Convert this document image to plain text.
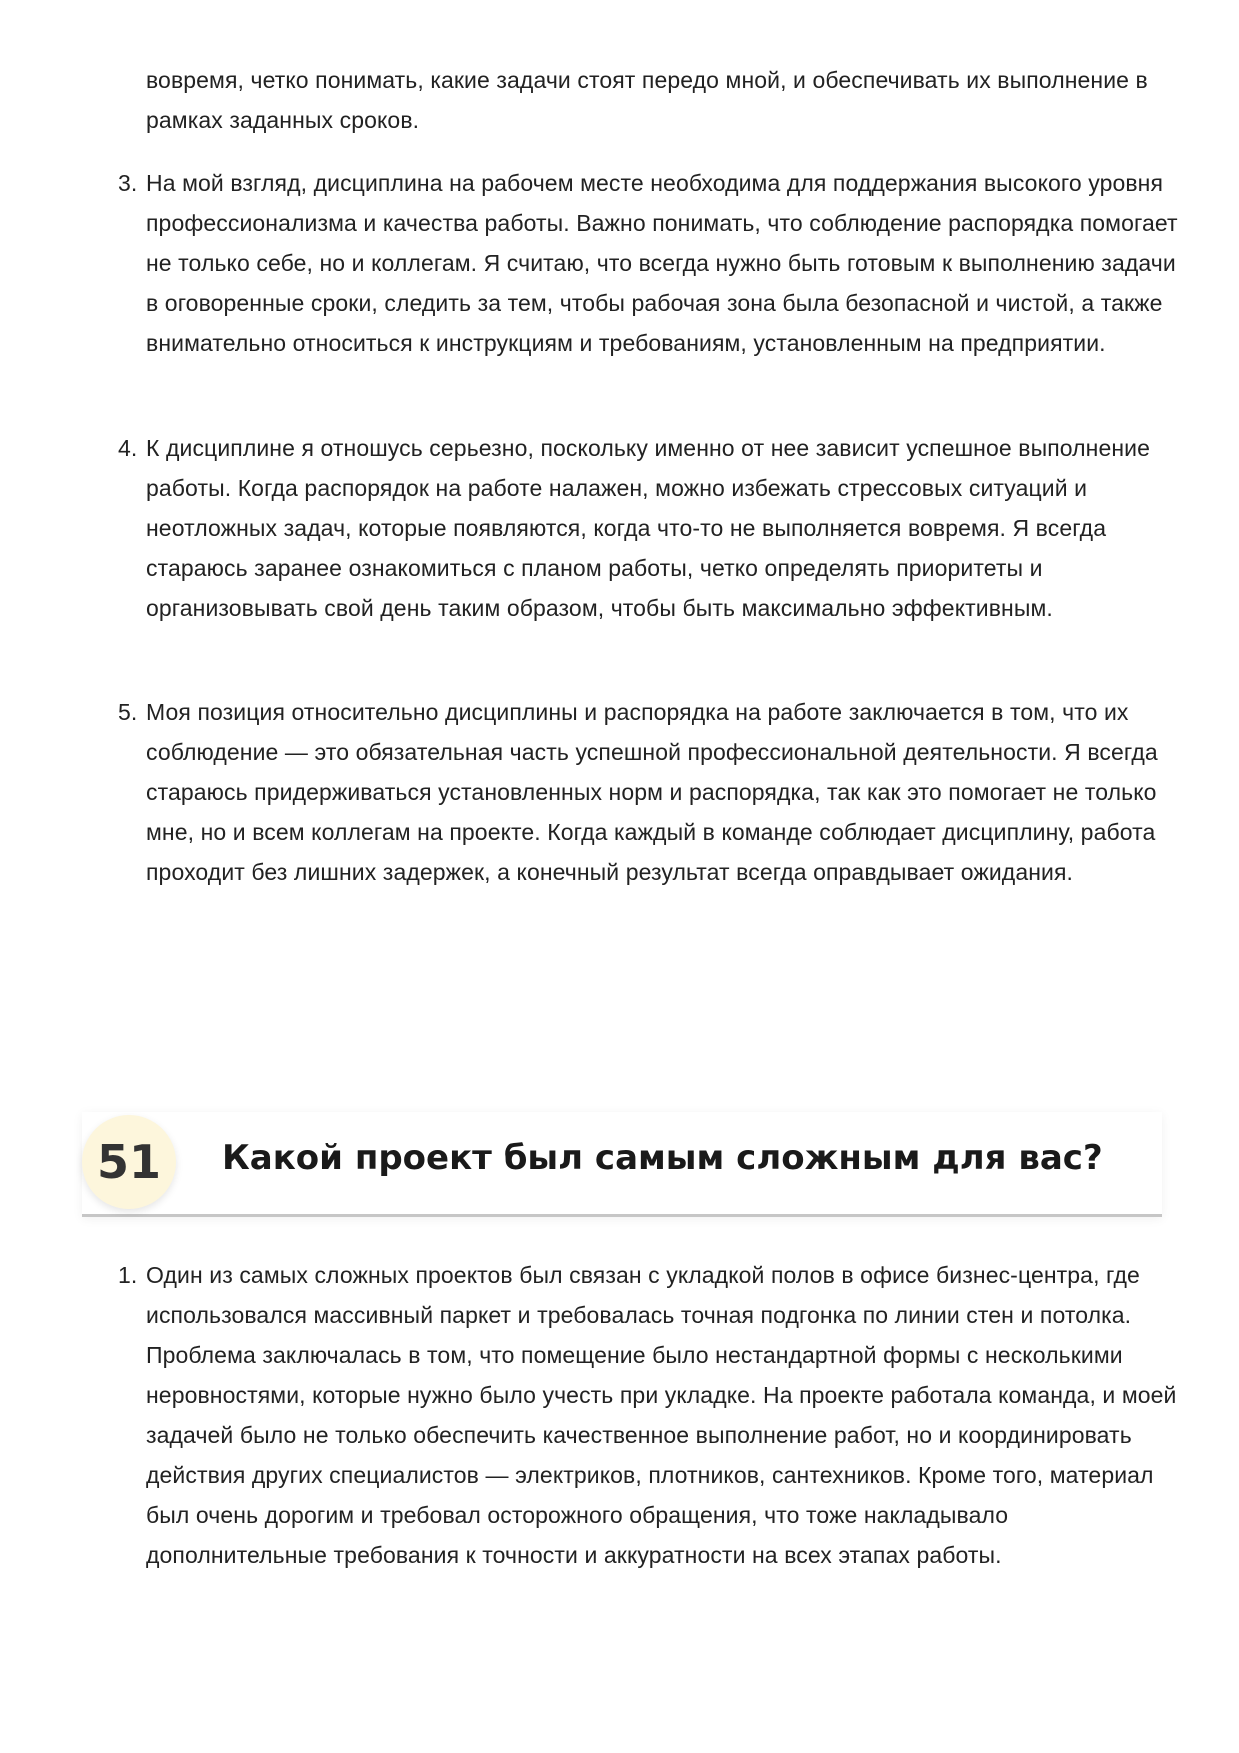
вовремя, четко понимать, какие задачи стоят передо мной, и обеспечивать их выполнение в рамках заданных сроков.
3. На мой взгляд, дисциплина на рабочем месте необходима для поддержания высокого уровня профессионализма и качества работы. Важно понимать, что соблюдение распорядка помогает не только себе, но и коллегам. Я считаю, что всегда нужно быть готовым к выполнению задачи в оговоренные сроки, следить за тем, чтобы рабочая зона была безопасной и чистой, а также внимательно относиться к инструкциям и требованиям, установленным на предприятии.
4. К дисциплине я отношусь серьезно, поскольку именно от нее зависит успешное выполнение работы. Когда распорядок на работе налажен, можно избежать стрессовых ситуаций и неотложных задач, которые появляются, когда что-то не выполняется вовремя. Я всегда стараюсь заранее ознакомиться с планом работы, четко определять приоритеты и организовывать свой день таким образом, чтобы быть максимально эффективным.
5. Моя позиция относительно дисциплины и распорядка на работе заключается в том, что их соблюдение — это обязательная часть успешной профессиональной деятельности. Я всегда стараюсь придерживаться установленных норм и распорядка, так как это помогает не только мне, но и всем коллегам на проекте. Когда каждый в команде соблюдает дисциплину, работа проходит без лишних задержек, а конечный результат всегда оправдывает ожидания.
51	Какой проект был самым сложным для вас?
1. Один из самых сложных проектов был связан с укладкой полов в офисе бизнес-центра, где использовался массивный паркет и требовалась точная подгонка по линии стен и потолка. Проблема заключалась в том, что помещение было нестандартной формы с несколькими неровностями, которые нужно было учесть при укладке. На проекте работала команда, и моей задачей было не только обеспечить качественное выполнение работ, но и координировать действия других специалистов — электриков, плотников, сантехников. Кроме того, материал был очень дорогим и требовал осторожного обращения, что тоже накладывало дополнительные требования к точности и аккуратности на всех этапах работы.
